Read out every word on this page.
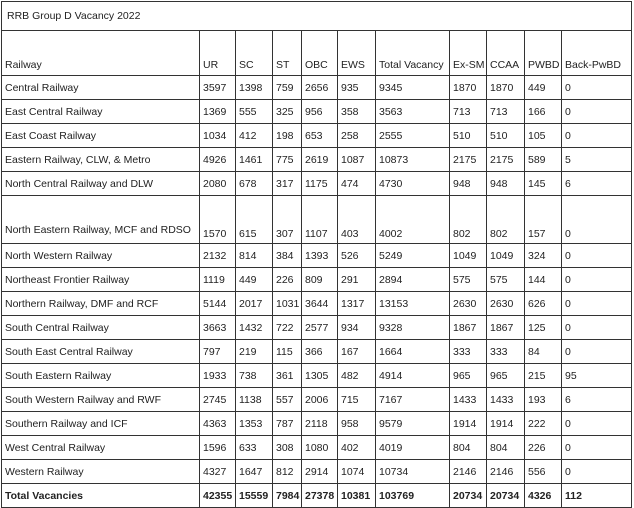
RRB Group D Vacancy 2022										
Railway	UR	SC	ST	OBC	EWS	Total Vacancy	Ex-SM	CCAA	PWBD	Back-PwBD
Central Railway	3597	1398	759	2656	935	9345	1870	1870	449	0
East Central Railway	1369	555	325	956	358	3563	713	713	166	0
East Coast Railway	1034	412	198	653	258	2555	510	510	105	0
Eastern Railway, CLW, & Metro	4926	1461	775	2619	1087	10873	2175	2175	589	5
North Central Railway and DLW	2080	678	317	1175	474	4730	948	948	145	6
North Eastern Railway, MCF and RDSO	1570	615	307	1107	403	4002	802	802	157	0
North Western Railway	2132	814	384	1393	526	5249	1049	1049	324	0
Northeast Frontier Railway	1119	449	226	809	291	2894	575	575	144	0
Northern Railway, DMF and RCF	5144	2017	1031	3644	1317	13153	2630	2630	626	0
South Central Railway	3663	1432	722	2577	934	9328	1867	1867	125	0
South East Central Railway	797	219	115	366	167	1664	333	333	84	0
South Eastern Railway	1933	738	361	1305	482	4914	965	965	215	95
South Western Railway and RWF	2745	1138	557	2006	715	7167	1433	1433	193	6
Southern Railway and ICF	4363	1353	787	2118	958	9579	1914	1914	222	0
West Central Railway	1596	633	308	1080	402	4019	804	804	226	0
Western Railway	4327	1647	812	2914	1074	10734	2146	2146	556	0
Total Vacancies	42355	15559	7984	27378	10381	103769	20734	20734	4326	112
